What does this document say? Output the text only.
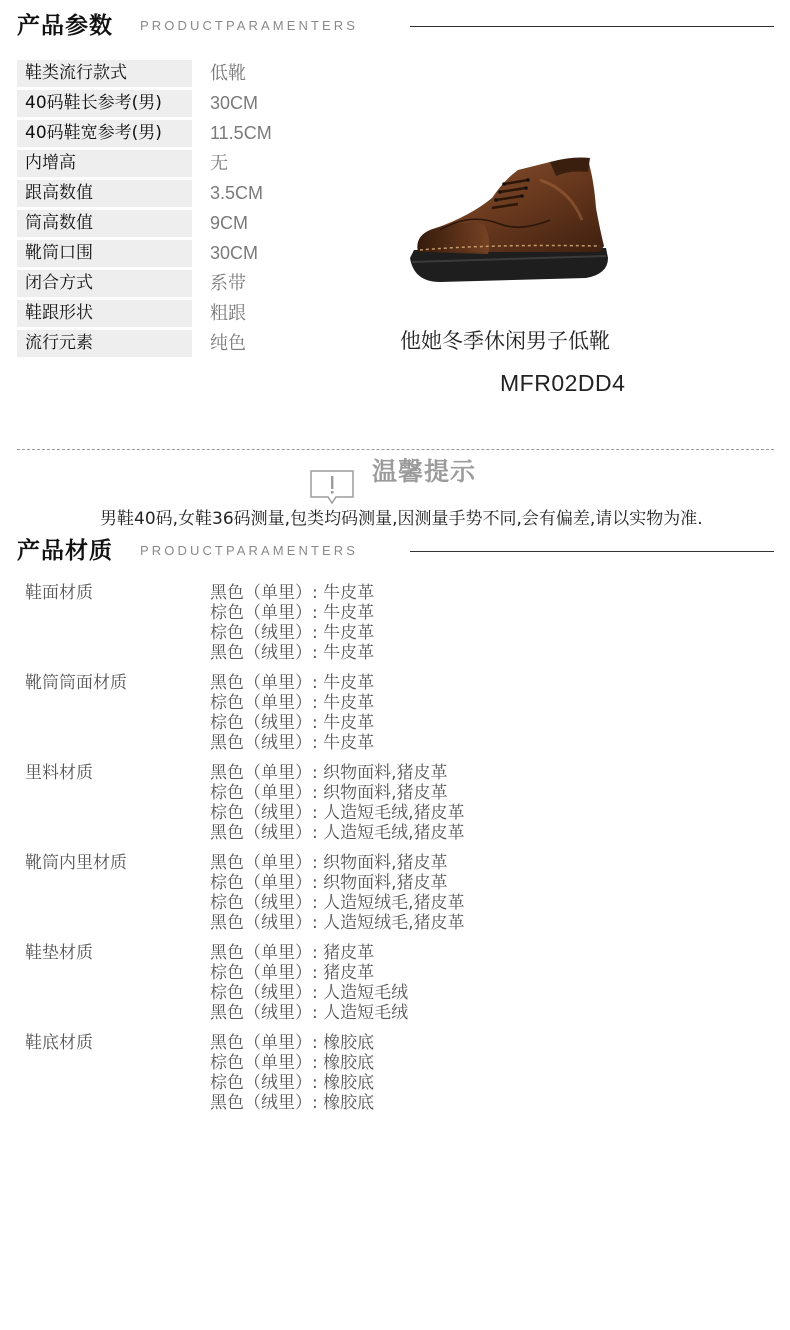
产品参数 PRODUCTPARAMENTERS
鞋类流行款式	低靴
40码鞋长参考(男)	30CM
40码鞋宽参考(男)	11.5CM
内增高	无
跟高数值	3.5CM
筒高数值	9CM
靴筒口围	30CM
闭合方式	系带
鞋跟形状	粗跟
流行元素	纯色	他她冬季休闲男子低靴
MFR02DD4
温馨提示
男鞋40码,女鞋36码测量,包类均码测量,因测量手势不同,会有偏差,请以实物为准.
产品材质 PRODUCTPARAMENTERS
鞋面材质	黑色（单里）: 牛皮革
棕色（单里）: 牛皮革
棕色（绒里）: 牛皮革
黑色（绒里）: 牛皮革
靴筒筒面材质	黑色（单里）: 牛皮革
棕色（单里）: 牛皮革
棕色（绒里）: 牛皮革
黑色（绒里）: 牛皮革
里料材质	黑色（单里）: 织物面料,猪皮革
棕色（单里）: 织物面料,猪皮革
棕色（绒里）: 人造短毛绒,猪皮革
黑色（绒里）: 人造短毛绒,猪皮革
靴筒内里材质	黑色（单里）: 织物面料,猪皮革
棕色（单里）: 织物面料,猪皮革
棕色（绒里）: 人造短绒毛,猪皮革
黑色（绒里）: 人造短绒毛,猪皮革
鞋垫材质	黑色（单里）: 猪皮革
棕色（单里）: 猪皮革
棕色（绒里）: 人造短毛绒
黑色（绒里）: 人造短毛绒
鞋底材质	黑色（单里）: 橡胶底
棕色（单里）: 橡胶底
棕色（绒里）: 橡胶底
黑色（绒里）: 橡胶底
